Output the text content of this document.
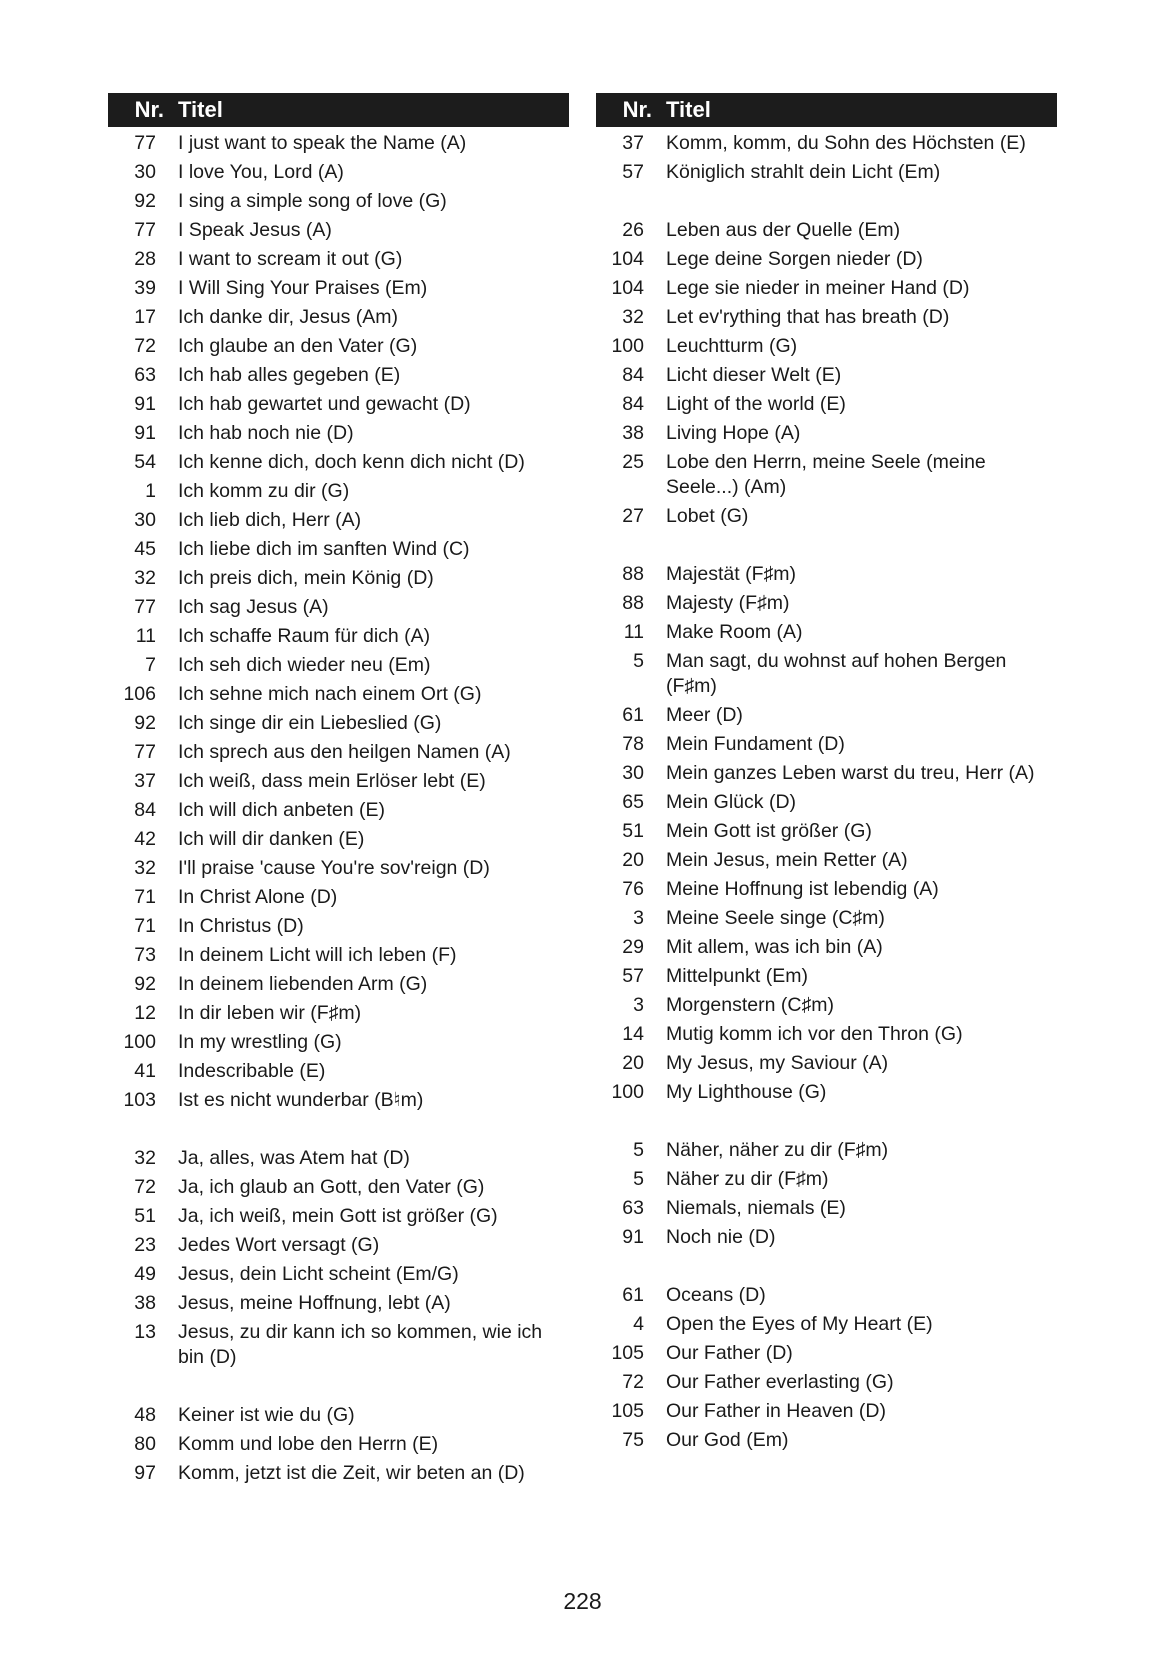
Nr. Titel
77 I just want to speak the Name (A)
30 I love You, Lord (A)
92 I sing a simple song of love (G)
77 I Speak Jesus (A)
28 I want to scream it out (G)
39 I Will Sing Your Praises (Em)
17 Ich danke dir, Jesus (Am)
72 Ich glaube an den Vater (G)
63 Ich hab alles gegeben (E)
91 Ich hab gewartet und gewacht (D)
91 Ich hab noch nie (D)
54 Ich kenne dich, doch kenn dich nicht (D)
1 Ich komm zu dir (G)
30 Ich lieb dich, Herr (A)
45 Ich liebe dich im sanften Wind (C)
32 Ich preis dich, mein König (D)
77 Ich sag Jesus (A)
11 Ich schaffe Raum für dich (A)
7 Ich seh dich wieder neu (Em)
106 Ich sehne mich nach einem Ort (G)
92 Ich singe dir ein Liebeslied (G)
77 Ich sprech aus den heilgen Namen (A)
37 Ich weiß, dass mein Erlöser lebt (E)
84 Ich will dich anbeten (E)
42 Ich will dir danken (E)
32 I'll praise 'cause You're sov'reign (D)
71 In Christ Alone (D)
71 In Christus (D)
73 In deinem Licht will ich leben (F)
92 In deinem liebenden Arm (G)
12 In dir leben wir (F♯m)
100 In my wrestling (G)
41 Indescribable (E)
103 Ist es nicht wunderbar (B♮m)
32 Ja, alles, was Atem hat (D)
72 Ja, ich glaub an Gott, den Vater (G)
51 Ja, ich weiß, mein Gott ist größer (G)
23 Jedes Wort versagt (G)
49 Jesus, dein Licht scheint (Em/G)
38 Jesus, meine Hoffnung, lebt (A)
13 Jesus, zu dir kann ich so kommen, wie ich bin (D)
48 Keiner ist wie du (G)
80 Komm und lobe den Herrn (E)
97 Komm, jetzt ist die Zeit, wir beten an (D)
Nr. Titel
37 Komm, komm, du Sohn des Höchsten (E)
57 Königlich strahlt dein Licht (Em)
26 Leben aus der Quelle (Em)
104 Lege deine Sorgen nieder (D)
104 Lege sie nieder in meiner Hand (D)
32 Let ev'rything that has breath (D)
100 Leuchtturm (G)
84 Licht dieser Welt (E)
84 Light of the world (E)
38 Living Hope (A)
25 Lobe den Herrn, meine Seele (meine Seele...) (Am)
27 Lobet (G)
88 Majestät (F♯m)
88 Majesty (F♯m)
11 Make Room (A)
5 Man sagt, du wohnst auf hohen Bergen (F♯m)
61 Meer (D)
78 Mein Fundament (D)
30 Mein ganzes Leben warst du treu, Herr (A)
65 Mein Glück (D)
51 Mein Gott ist größer (G)
20 Mein Jesus, mein Retter (A)
76 Meine Hoffnung ist lebendig (A)
3 Meine Seele singe (C♯m)
29 Mit allem, was ich bin (A)
57 Mittelpunkt (Em)
3 Morgenstern (C♯m)
14 Mutig komm ich vor den Thron (G)
20 My Jesus, my Saviour (A)
100 My Lighthouse (G)
5 Näher, näher zu dir (F♯m)
5 Näher zu dir (F♯m)
63 Niemals, niemals (E)
91 Noch nie (D)
61 Oceans (D)
4 Open the Eyes of My Heart (E)
105 Our Father (D)
72 Our Father everlasting (G)
105 Our Father in Heaven (D)
75 Our God (Em)
228
